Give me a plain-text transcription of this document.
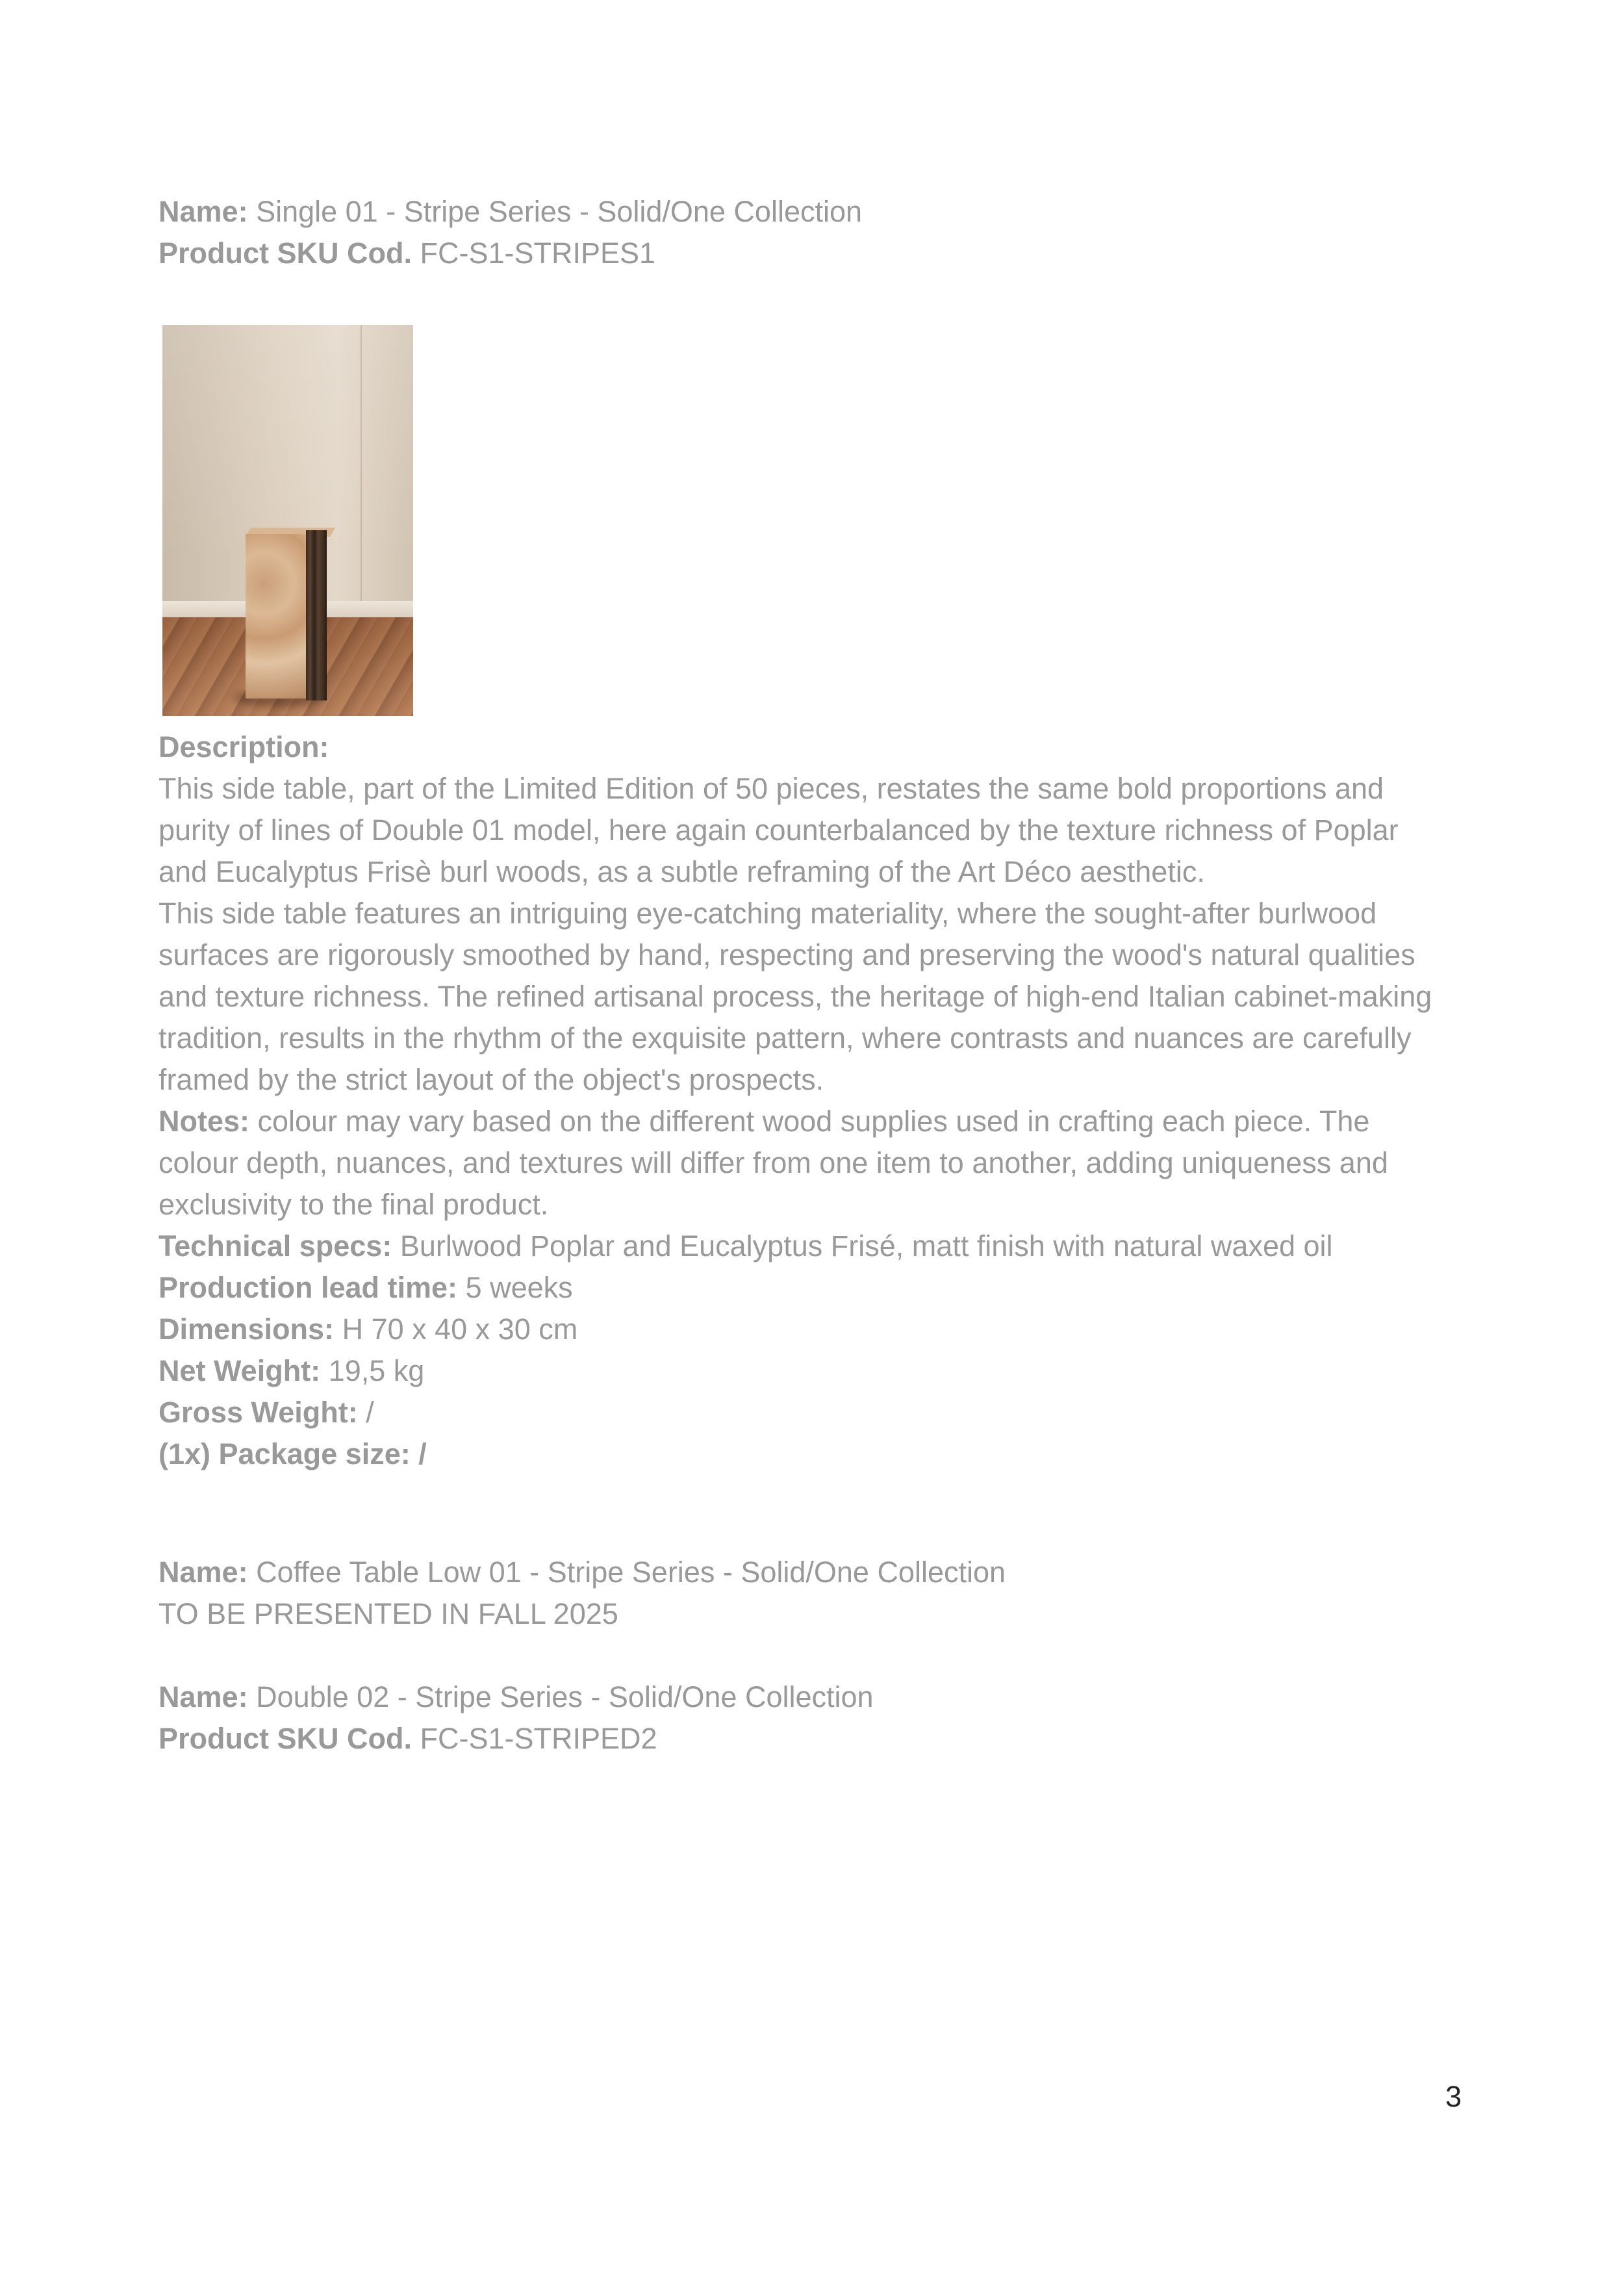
Name: Single 01 - Stripe Series - Solid/One Collection
Product SKU Cod. FC-S1-STRIPES1
Description:
This side table, part of the Limited Edition of 50 pieces, restates the same bold proportions and
purity of lines of Double 01 model, here again counterbalanced by the texture richness of Poplar
and Eucalyptus Frisè burl woods, as a subtle reframing of the Art Déco aesthetic.
This side table features an intriguing eye-catching materiality, where the sought-after burlwood
surfaces are rigorously smoothed by hand, respecting and preserving the wood's natural qualities
and texture richness. The refined artisanal process, the heritage of high-end Italian cabinet-making
tradition, results in the rhythm of the exquisite pattern, where contrasts and nuances are carefully
framed by the strict layout of the object's prospects.
Notes: colour may vary based on the different wood supplies used in crafting each piece. The
colour depth, nuances, and textures will differ from one item to another, adding uniqueness and
exclusivity to the final product.
Technical specs: Burlwood Poplar and Eucalyptus Frisé, matt finish with natural waxed oil
Production lead time: 5 weeks
Dimensions: H 70 x 40 x 30 cm
Net Weight: 19,5 kg
Gross Weight: /
(1x) Package size: /
Name: Coffee Table Low 01 - Stripe Series - Solid/One Collection
TO BE PRESENTED IN FALL 2025
Name: Double 02 - Stripe Series - Solid/One Collection
Product SKU Cod. FC-S1-STRIPED2
3
